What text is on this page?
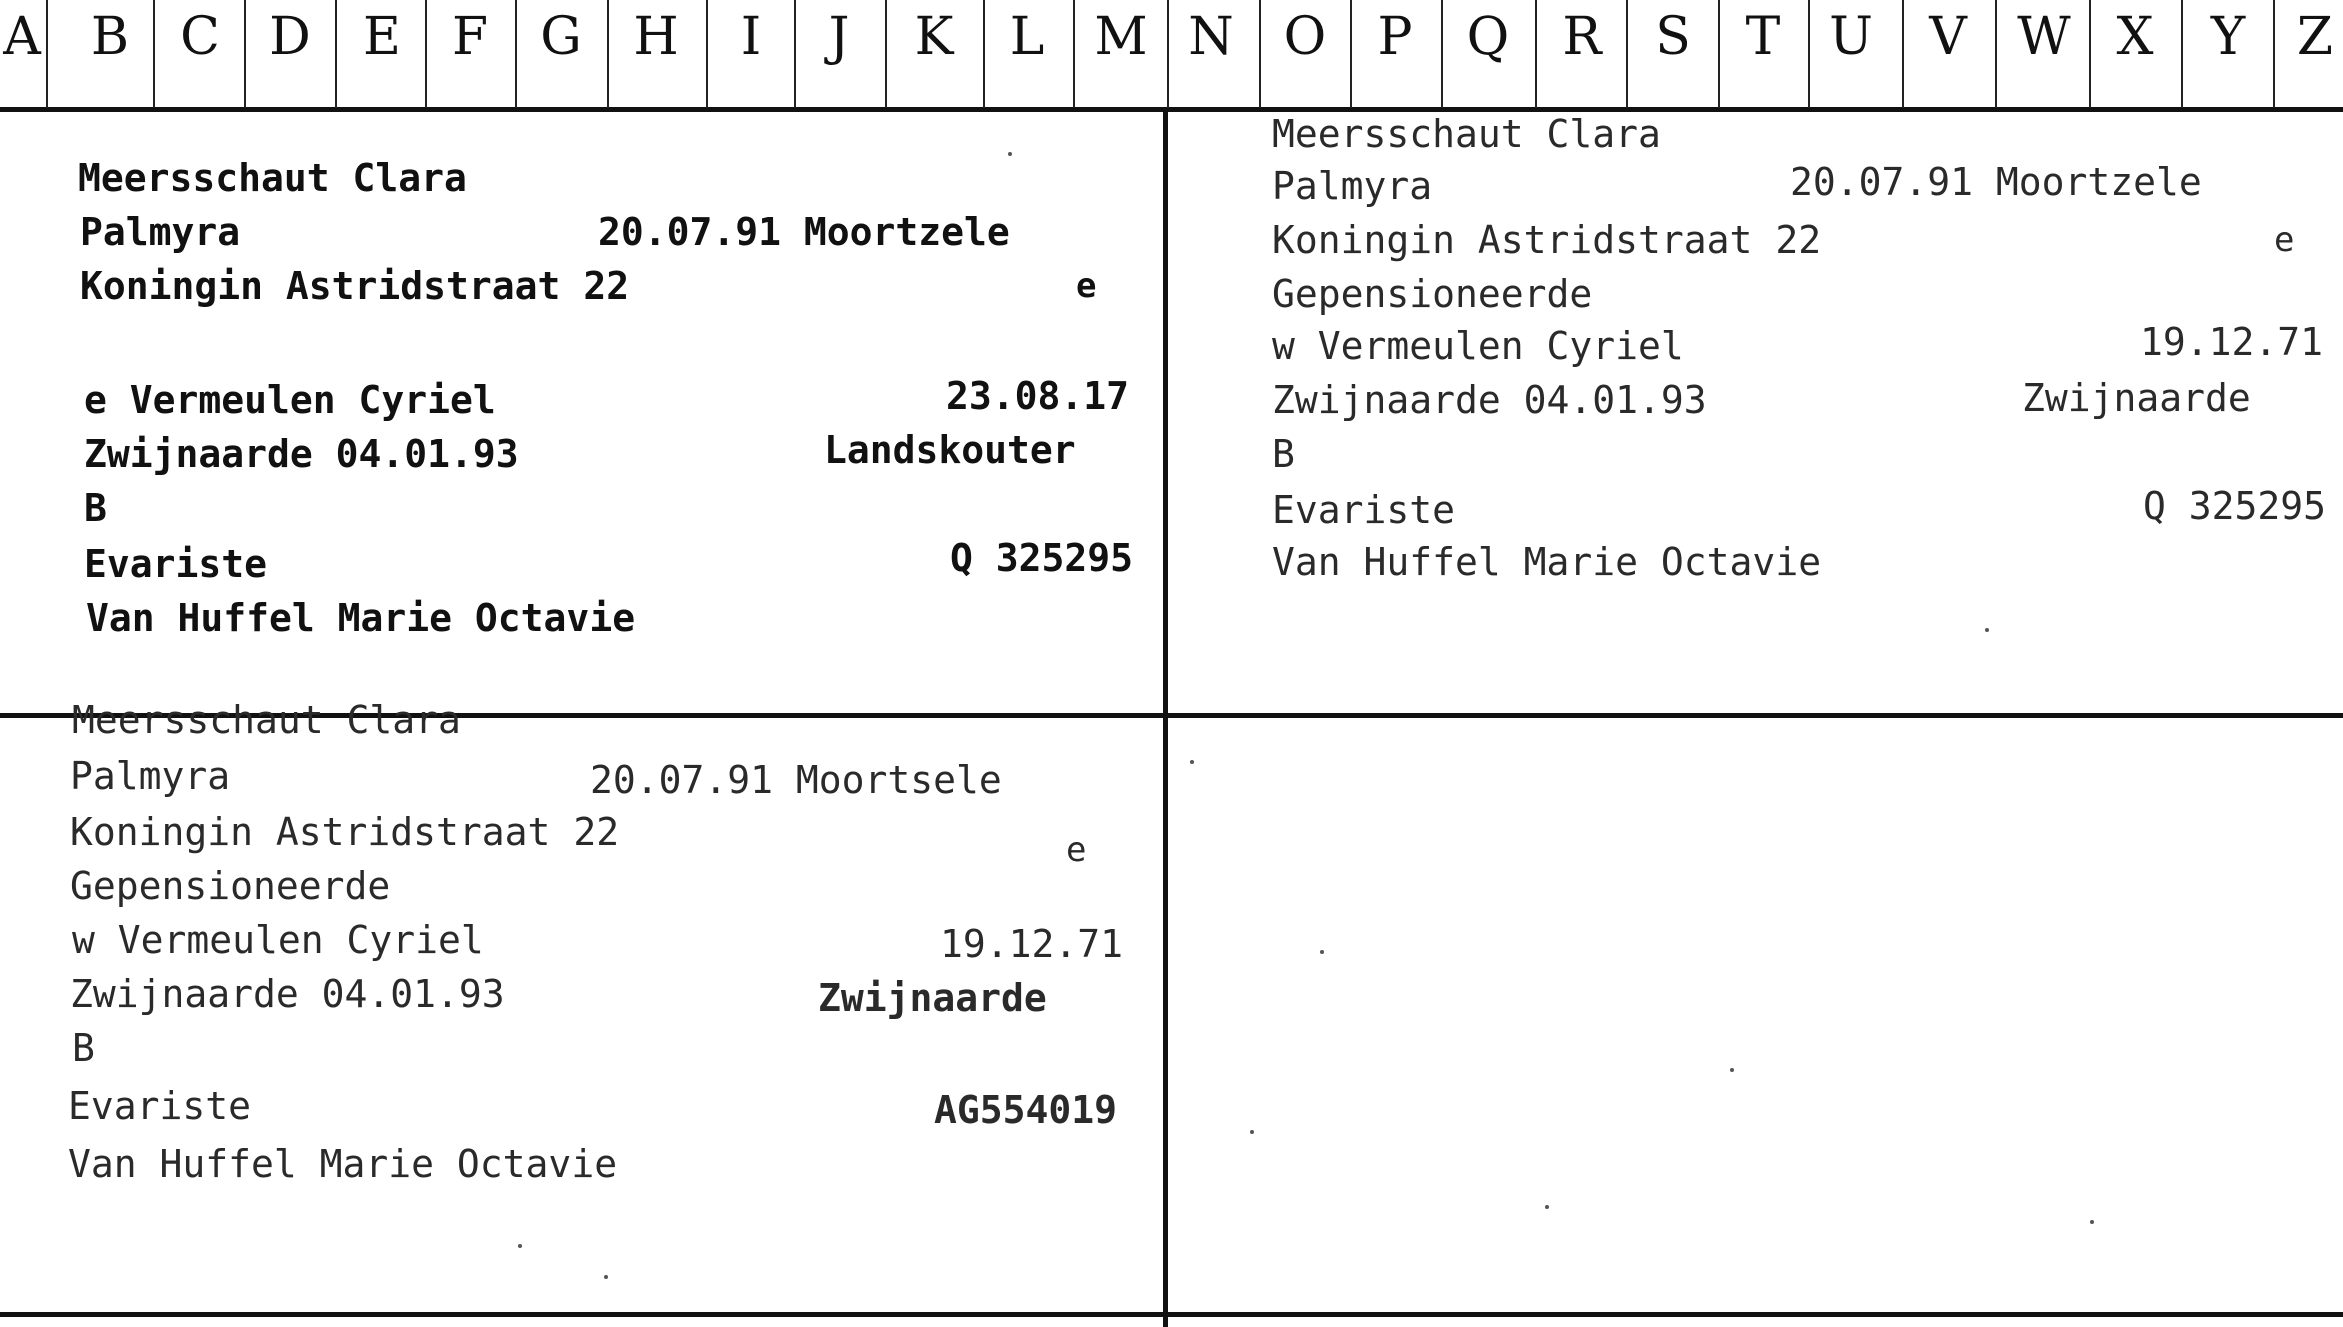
A B C D	E F	G H	I	J	K	L M N O P	Q	R	S	T U	V W X	Y Z
Meersschaut Clara
Palmyra	20.07.91 Moortzele
Koningin Astridstraat 22	e
e Vermeulen Cyriel	23.08.17
Zwijnaarde 04.01.93	Landskouter
B
Evariste	Q 325295
Van Huffel Marie Octavie
Meersschaut Clara
Palmyra	20.07.91 Moortzele
Koningin Astridstraat 22	e
Gepensioneerde
w Vermeulen Cyriel	19.12.71
Zwijnaarde 04.01.93	Zwijnaarde
B
Evariste	Q 325295
Van Huffel Marie Octavie
Meersschaut Clara
Palmyra	20.07.91 Moortsele
Koningin Astridstraat 22	e
Gepensioneerde
w Vermeulen Cyriel	19.12.71
Zwijnaarde 04.01.93	Zwijnaarde
B
Evariste	AG554019
Van Huffel Marie Octavie
